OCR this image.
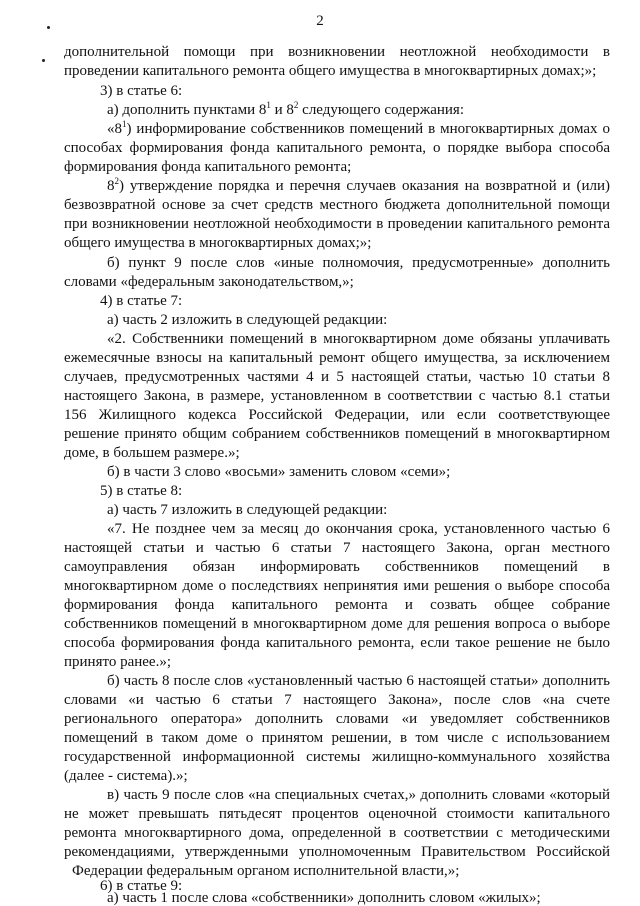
2
дополнительной помощи при возникновении неотложной необходимости в
проведении капитального ремонта общего имущества в многоквартирных домах;»;
3) в статье 6:
а) дополнить пунктами $8^1$ и $8^2$ следующего содержания:
«$8^1$) информирование собственников помещений в многоквартирных домах о
способах формирования фонда капитального ремонта, о порядке выбора способа
формирования фонда капитального ремонта;
$8^2$) утверждение порядка и перечня случаев оказания на возвратной и (или)
безвозвратной основе за счет средств местного бюджета дополнительной помощи
при возникновении неотложной необходимости в проведении капитального ремонта
общего имущества в многоквартирных домах;»;
б) пункт 9 после слов «иные полномочия, предусмотренные» дополнить
словами «федеральным законодательством,»;
4) в статье 7:
а) часть 2 изложить в следующей редакции:
«2. Собственники помещений в многоквартирном доме обязаны уплачивать
ежемесячные взносы на капитальный ремонт общего имущества, за исключением
случаев, предусмотренных частями 4 и 5 настоящей статьи, частью 10 статьи 8
настоящего Закона, в размере, установленном в соответствии с частью 8.1 статьи
156 Жилищного кодекса Российской Федерации, или если соответствующее
решение принято общим собранием собственников помещений в многоквартирном
доме, в большем размере.»;
б) в части 3 слово «восьми» заменить словом «семи»;
5) в статье 8:
а) часть 7 изложить в следующей редакции:
«7. Не позднее чем за месяц до окончания срока, установленного частью 6
настоящей статьи и частью 6 статьи 7 настоящего Закона, орган местного
самоуправления обязан информировать собственников помещений в
многоквартирном доме о последствиях непринятия ими решения о выборе способа
формирования фонда капитального ремонта и созвать общее собрание
собственников помещений в многоквартирном доме для решения вопроса о выборе
способа формирования фонда капитального ремонта, если такое решение не было
принято ранее.»;
б) часть 8 после слов «установленный частью 6 настоящей статьи» дополнить
словами «и частью 6 статьи 7 настоящего Закона», после слов «на счете
регионального оператора» дополнить словами «и уведомляет собственников
помещений в таком доме о принятом решении, в том числе с использованием
государственной информационной системы жилищно-коммунального хозяйства
(далее - система).»;
в) часть 9 после слов «на специальных счетах,» дополнить словами «который
не может превышать пятьдесят процентов оценочной стоимости капитального
ремонта многоквартирного дома, определенной в соответствии с методическими
рекомендациями, утвержденными уполномоченным Правительством Российской
Федерации федеральным органом исполнительной власти,»;
6) в статье 9:
а) часть 1 после слова «собственники» дополнить словом «жилых»;
